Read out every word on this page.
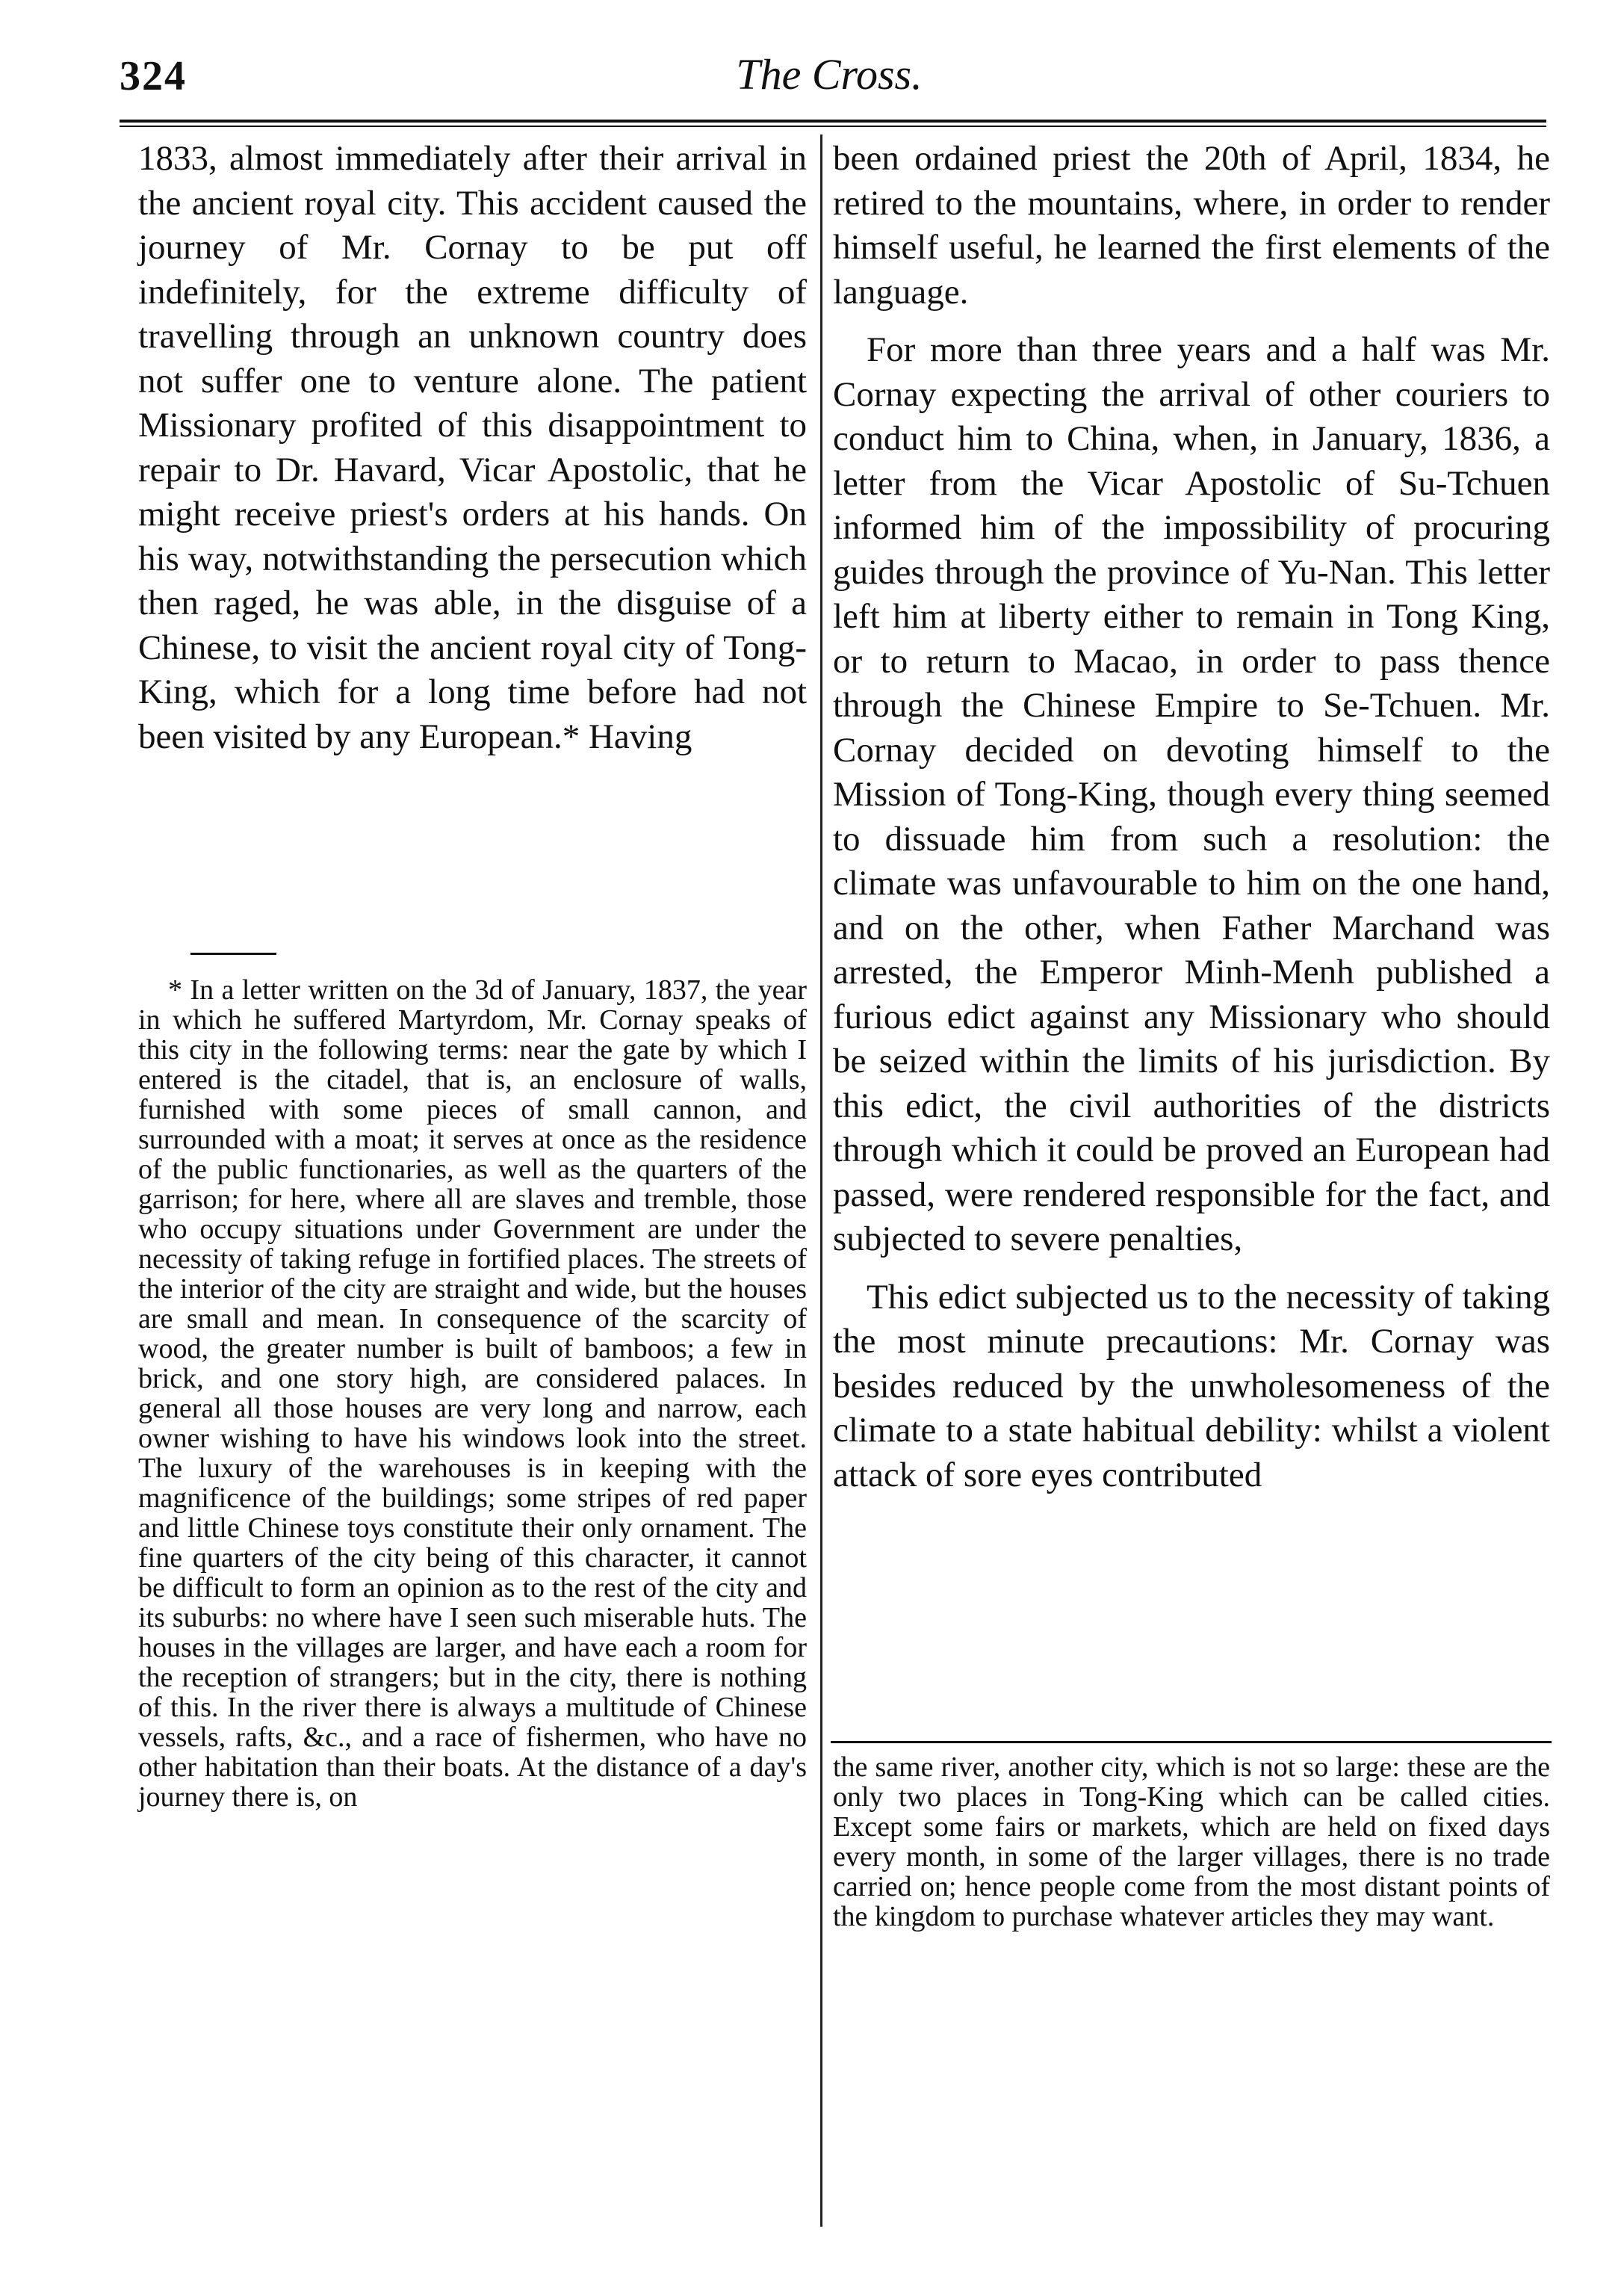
324	The Cross.

1833, almost immediately after their arrival in the ancient royal city. This accident caused the journey of Mr. Cornay to be put off indefinitely, for the extreme difficulty of travelling through an unknown country does not suffer one to venture alone. The patient Missionary profited of this disappointment to repair to Dr. Havard, Vicar Apostolic, that he might receive priest's orders at his hands. On his way, notwithstanding the persecution which then raged, he was able, in the disguise of a Chinese, to visit the ancient royal city of Tong-King, which for a long time before had not been visited by any European.* Having

* In a letter written on the 3d of January, 1837, the year in which he suffered Martyrdom, Mr. Cornay speaks of this city in the following terms: near the gate by which I entered is the citadel, that is, an enclosure of walls, furnished with some pieces of small cannon, and surrounded with a moat; it serves at once as the residence of the public functionaries, as well as the quarters of the garrison; for here, where all are slaves and tremble, those who occupy situations under Government are under the necessity of taking refuge in fortified places. The streets of the interior of the city are straight and wide, but the houses are small and mean. In consequence of the scarcity of wood, the greater number is built of bamboos; a few in brick, and one story high, are considered palaces. In general all those houses are very long and narrow, each owner wishing to have his windows look into the street. The luxury of the warehouses is in keeping with the magnificence of the buildings; some stripes of red paper and little Chinese toys constitute their only ornament. The fine quarters of the city being of this character, it cannot be difficult to form an opinion as to the rest of the city and its suburbs: no where have I seen such miserable huts. The houses in the villages are larger, and have each a room for the reception of strangers; but in the city, there is nothing of this. In the river there is always a multitude of Chinese vessels, rafts, &c., and a race of fishermen, who have no other habitation than their boats. At the distance of a day's journey there is, on

been ordained priest the 20th of April, 1834, he retired to the mountains, where, in order to render himself useful, he learned the first elements of the language.

For more than three years and a half was Mr. Cornay expecting the arrival of other couriers to conduct him to China, when, in January, 1836, a letter from the Vicar Apostolic of Su-Tchuen informed him of the impossibility of procuring guides through the province of Yu-Nan. This letter left him at liberty either to remain in Tong King, or to return to Macao, in order to pass thence through the Chinese Empire to Se-Tchuen. Mr. Cornay decided on devoting himself to the Mission of Tong-King, though every thing seemed to dissuade him from such a resolution: the climate was unfavourable to him on the one hand, and on the other, when Father Marchand was arrested, the Emperor Minh-Menh published a furious edict against any Missionary who should be seized within the limits of his jurisdiction. By this edict, the civil authorities of the districts through which it could be proved an European had passed, were rendered responsible for the fact, and subjected to severe penalties,

This edict subjected us to the necessity of taking the most minute precautions: Mr. Cornay was besides reduced by the unwholesomeness of the climate to a state habitual debility: whilst a violent attack of sore eyes contributed

the same river, another city, which is not so large: these are the only two places in Tong-King which can be called cities. Except some fairs or markets, which are held on fixed days every month, in some of the larger villages, there is no trade carried on; hence people come from the most distant points of the kingdom to purchase whatever articles they may want.
